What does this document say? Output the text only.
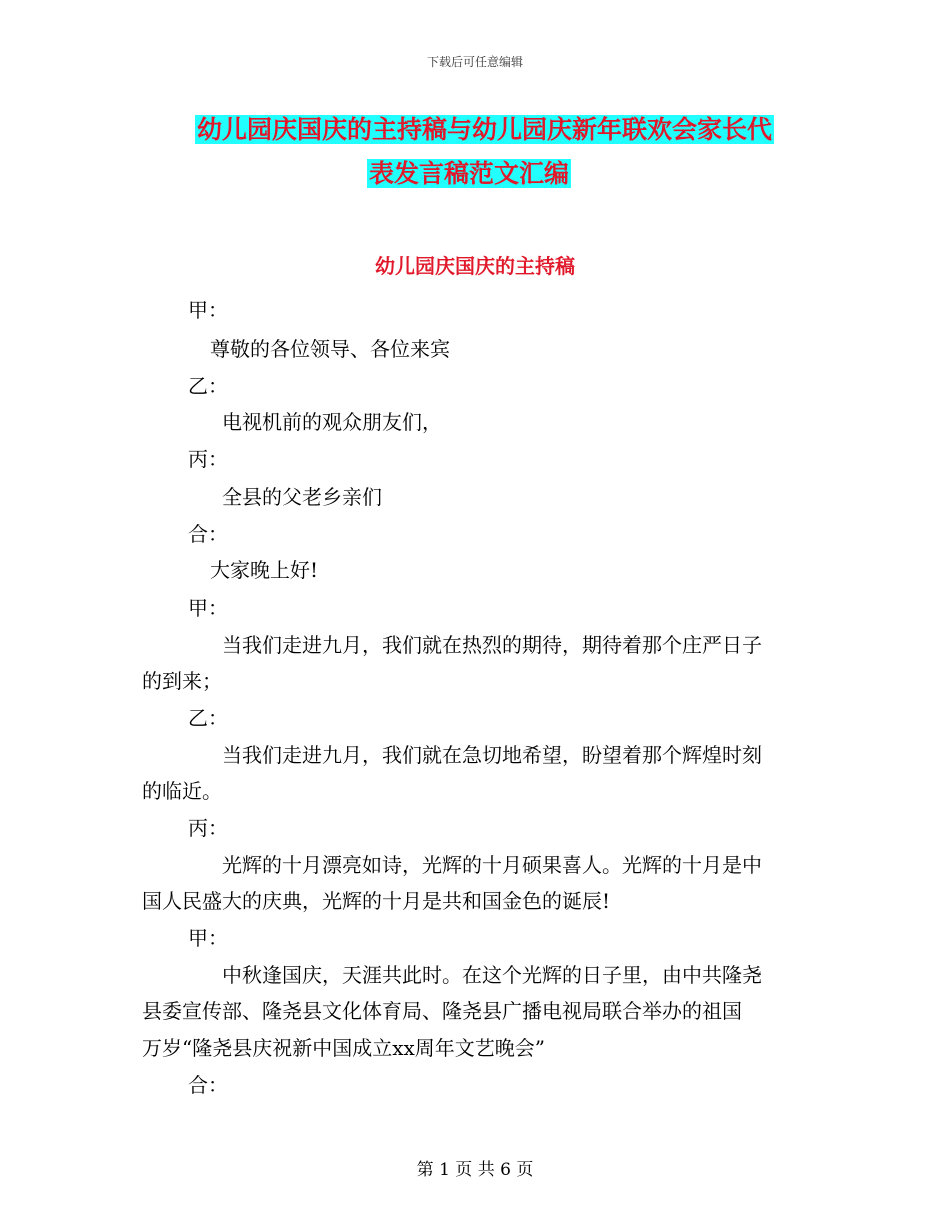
下载后可任意编辑
幼儿园庆国庆的主持稿与幼儿园庆新年联欢会家长代
表发言稿范文汇编
幼儿园庆国庆的主持稿
甲：
尊敬的各位领导、各位来宾
乙：
电视机前的观众朋友们，
丙：
全县的父老乡亲们
合：
大家晚上好!
甲：
当我们走进九月，我们就在热烈的期待，期待着那个庄严日子
的到来；
乙：
当我们走进九月，我们就在急切地希望，盼望着那个辉煌时刻
的临近。
丙：
光辉的十月漂亮如诗，光辉的十月硕果喜人。光辉的十月是中
国人民盛大的庆典，光辉的十月是共和国金色的诞辰!
甲：
中秋逢国庆，天涯共此时。在这个光辉的日子里，由中共隆尧
县委宣传部、隆尧县文化体育局、隆尧县广播电视局联合举办的祖国
万岁“隆尧县庆祝新中国成立xx周年文艺晚会”
合：
第 1 页 共 6 页
